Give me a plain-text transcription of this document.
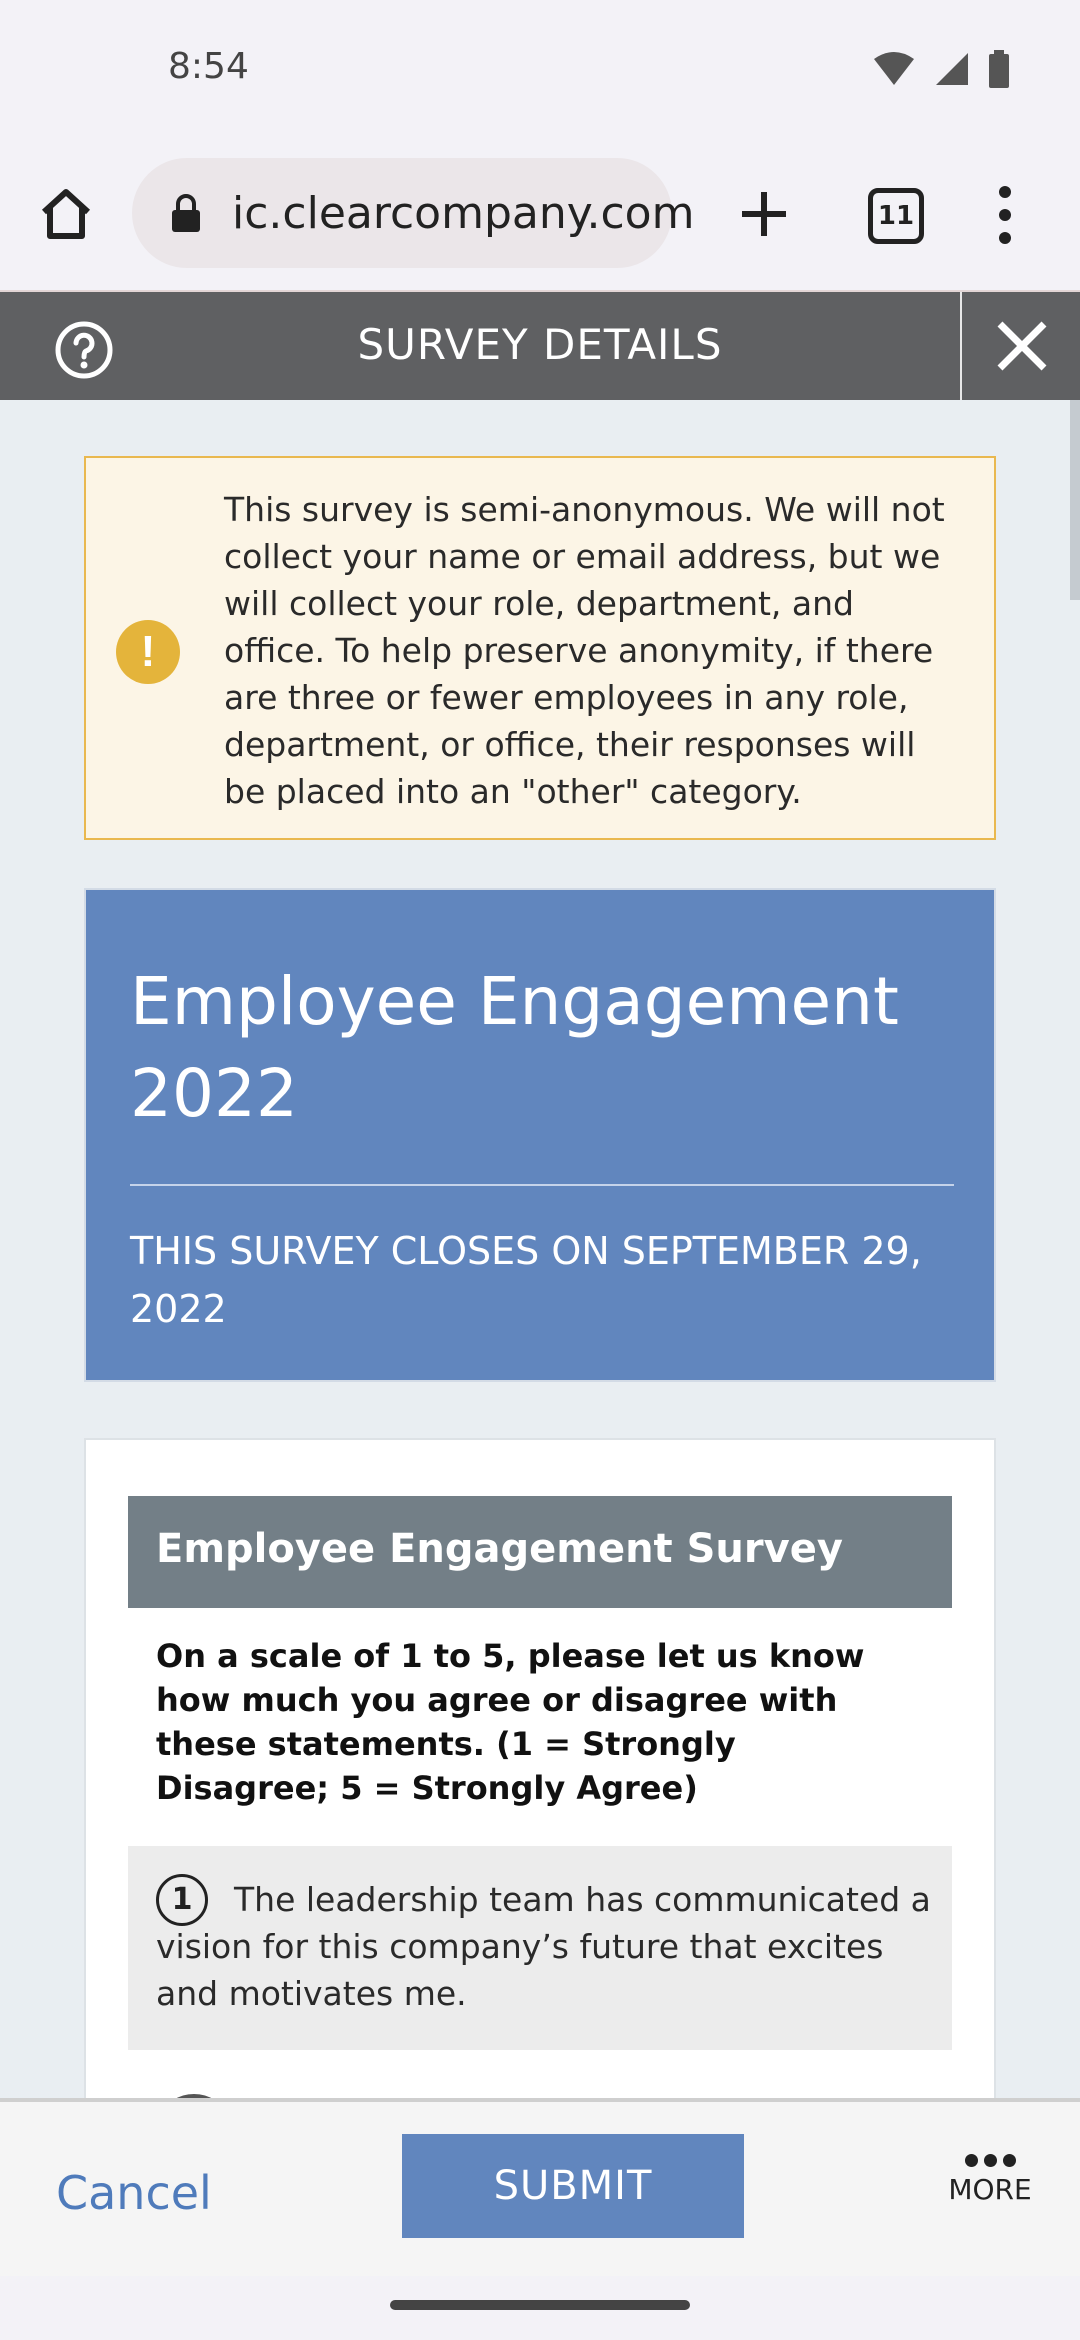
8:54
ic.clearcompany.com	11
SURVEY DETAILS
!
This survey is semi-anonymous. We will not collect your name or email address, but we will collect your role, department, and office. To help preserve anonymity, if there are three or fewer employees in any role, department, or office, their responses will be placed into an "other" category.
Employee Engagement 2022
THIS SURVEY CLOSES ON SEPTEMBER 29, 2022
Employee Engagement Survey
On a scale of 1 to 5, please let us know how much you agree or disagree with these statements. (1 = Strongly Disagree; 5 = Strongly Agree)
The leadership team has communicated a vision for this company’s future that excites and motivates me.
1
Cancel	SUBMIT	MORE
